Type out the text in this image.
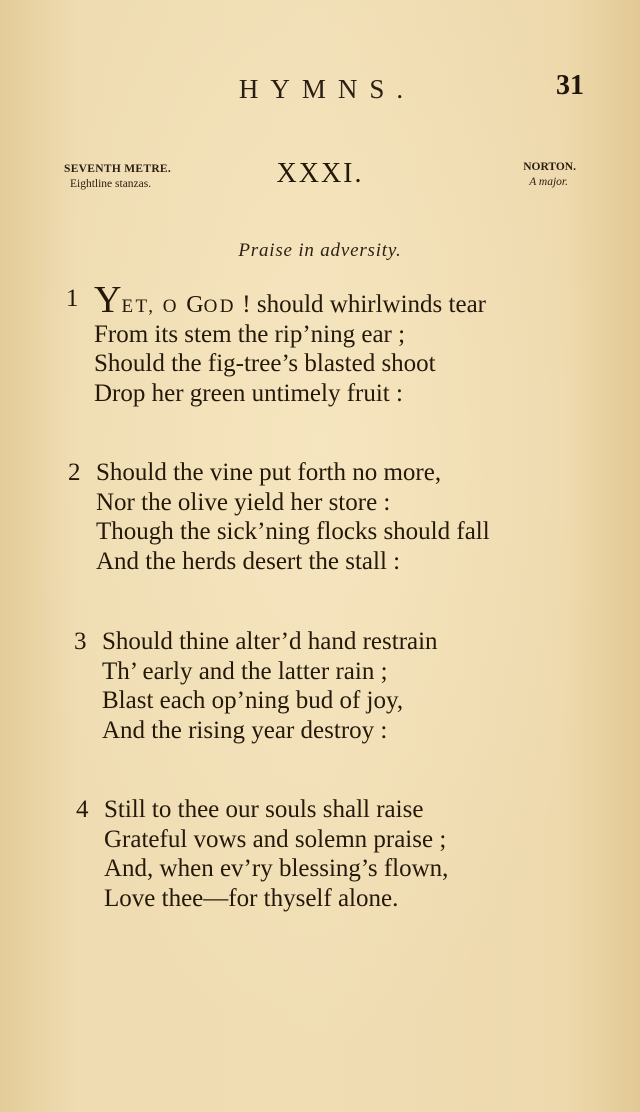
HYMNS.	31
SEVENTH METRE.
Eightline stanzas.	XXXI.	NORTON.
A major.
Praise in adversity.
1 YET, O GOD ! should whirlwinds tear
From its stem the rip’ning ear ;
Should the fig-tree’s blasted shoot
Drop her green untimely fruit :
2 Should the vine put forth no more,
Nor the olive yield her store :
Though the sick’ning flocks should fall
And the herds desert the stall :
3 Should thine alter’d hand restrain
Th’ early and the latter rain ;
Blast each op’ning bud of joy,
And the rising year destroy :
4 Still to thee our souls shall raise
Grateful vows and solemn praise ;
And, when ev’ry blessing’s flown,
Love thee—for thyself alone.
